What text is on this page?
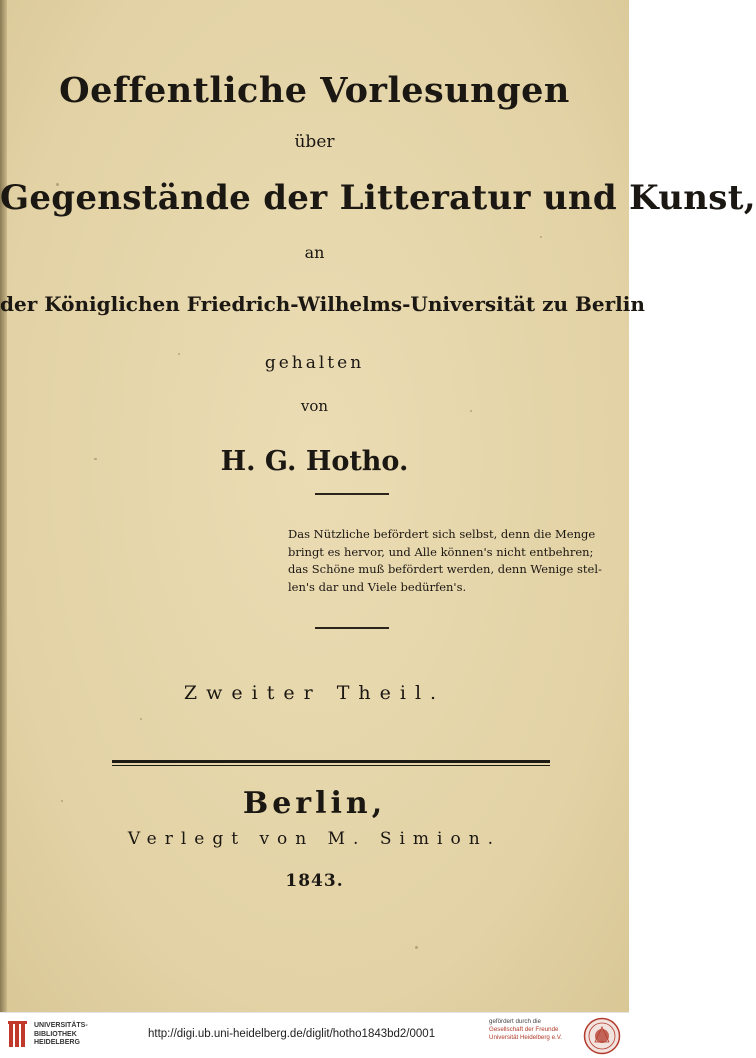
Oeffentliche Vorlesungen
über
Gegenstände der Litteratur und Kunst,
an
der Königlichen Friedrich-Wilhelms-Universität zu Berlin
gehalten
von
H. G. Hotho.
Das Nützliche befördert sich selbst, denn die Menge
bringt es hervor, und Alle können's nicht entbehren;
das Schöne muß befördert werden, denn Wenige stel-
len's dar und Viele bedürfen's.
Zweiter Theil.
Berlin,
Verlegt von M. Simion.
1843.
UNIVERSITÄTS-
BIBLIOTHEK
HEIDELBERG
http://digi.ub.uni-heidelberg.de/diglit/hotho1843bd2/0001
gefördert durch die
Gesellschaft der Freunde
Universität Heidelberg e.V.
